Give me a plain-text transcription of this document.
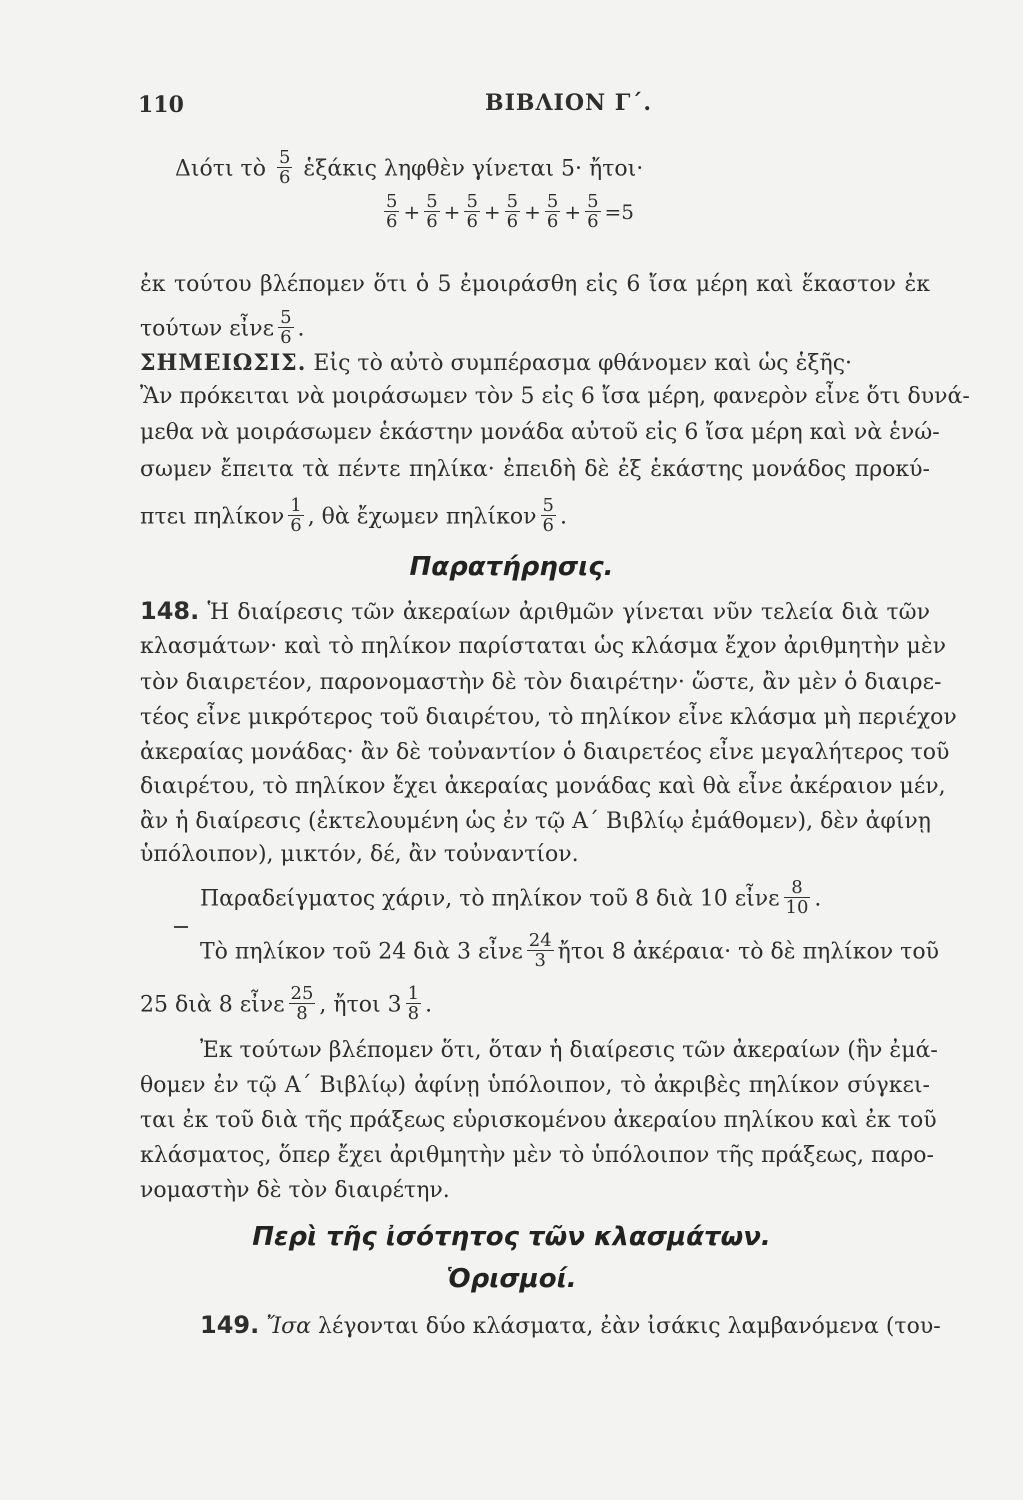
110	ΒΙΒΛΙΟΝ Γ΄.
Διότι τὸ $\frac{5}{6}$ ἑξάκις ληφθὲν γίνεται 5· ἤτοι·
$\frac{5}{6} + \frac{5}{6} + \frac{5}{6} + \frac{5}{6} + \frac{5}{6} + \frac{5}{6} =5$
ἐκ τούτου βλέπομεν ὅτι ὁ 5 ἐμοιράσθη εἰς 6 ἴσα μέρη καὶ ἕκαστον ἐκ
τούτων εἶνε $\frac{5}{6}$ .
ΣΗΜΕΙΩΣΙΣ. Εἰς τὸ αὐτὸ συμπέρασμα φθάνομεν καὶ ὡς ἑξῆς·
Ἂν πρόκειται νὰ μοιράσωμεν τὸν 5 εἰς 6 ἴσα μέρη, φανερὸν εἶνε ὅτι δυνά-
μεθα νὰ μοιράσωμεν ἑκάστην μονάδα αὐτοῦ εἰς 6 ἴσα μέρη καὶ νὰ ἑνώ-
σωμεν ἔπειτα τὰ πέντε πηλίκα· ἐπειδὴ δὲ ἐξ ἑκάστης μονάδος προκύ-
πτει πηλίκον $\frac{1}{6}$ , θὰ ἔχωμεν πηλίκον $\frac{5}{6}$ .
Παρατήρησις.
148. Ἡ διαίρεσις τῶν ἀκεραίων ἀριθμῶν γίνεται νῦν τελεία διὰ τῶν
κλασμάτων· καὶ τὸ πηλίκον παρίσταται ὡς κλάσμα ἔχον ἀριθμητὴν μὲν
τὸν διαιρετέον, παρονομαστὴν δὲ τὸν διαιρέτην· ὥστε, ἂν μὲν ὁ διαιρε-
τέος εἶνε μικρότερος τοῦ διαιρέτου, τὸ πηλίκον εἶνε κλάσμα μὴ περιέχον
ἀκεραίας μονάδας· ἂν δὲ τοὐναντίον ὁ διαιρετέος εἶνε μεγαλήτερος τοῦ
διαιρέτου, τὸ πηλίκον ἔχει ἀκεραίας μονάδας καὶ θὰ εἶνε ἀκέραιον μέν,
ἂν ἡ διαίρεσις (ἐκτελουμένη ὡς ἐν τῷ Α΄ Βιβλίῳ ἐμάθομεν), δὲν ἀφίνῃ
ὑπόλοιπον), μικτόν, δέ, ἂν τοὐναντίον.
Παραδείγματος χάριν, τὸ πηλίκον τοῦ 8 διὰ 10 εἶνε $\frac{8}{10}$ .
Τὸ πηλίκον τοῦ 24 διὰ 3 εἶνε $\frac{24}{3}$ ἤτοι 8 ἀκέραια· τὸ δὲ πηλίκον τοῦ
25 διὰ 8 εἶνε $\frac{25}{8}$ , ἤτοι $3 \frac{1}{8}$ .
Ἐκ τούτων βλέπομεν ὅτι, ὅταν ἡ διαίρεσις τῶν ἀκεραίων (ἣν ἐμά-
θομεν ἐν τῷ Α΄ Βιβλίῳ) ἀφίνῃ ὑπόλοιπον, τὸ ἀκριβὲς πηλίκον σύγκει-
ται ἐκ τοῦ διὰ τῆς πράξεως εὑρισκομένου ἀκεραίου πηλίκου καὶ ἐκ τοῦ
κλάσματος, ὅπερ ἔχει ἀριθμητὴν μὲν τὸ ὑπόλοιπον τῆς πράξεως, παρο-
νομαστὴν δὲ τὸν διαιρέτην.
Περὶ τῆς ἰσότητος τῶν κλασμάτων.
Ὁρισμοί.
149. Ἴσα λέγονται δύο κλάσματα, ἐὰν ἰσάκις λαμβανόμενα (του-
